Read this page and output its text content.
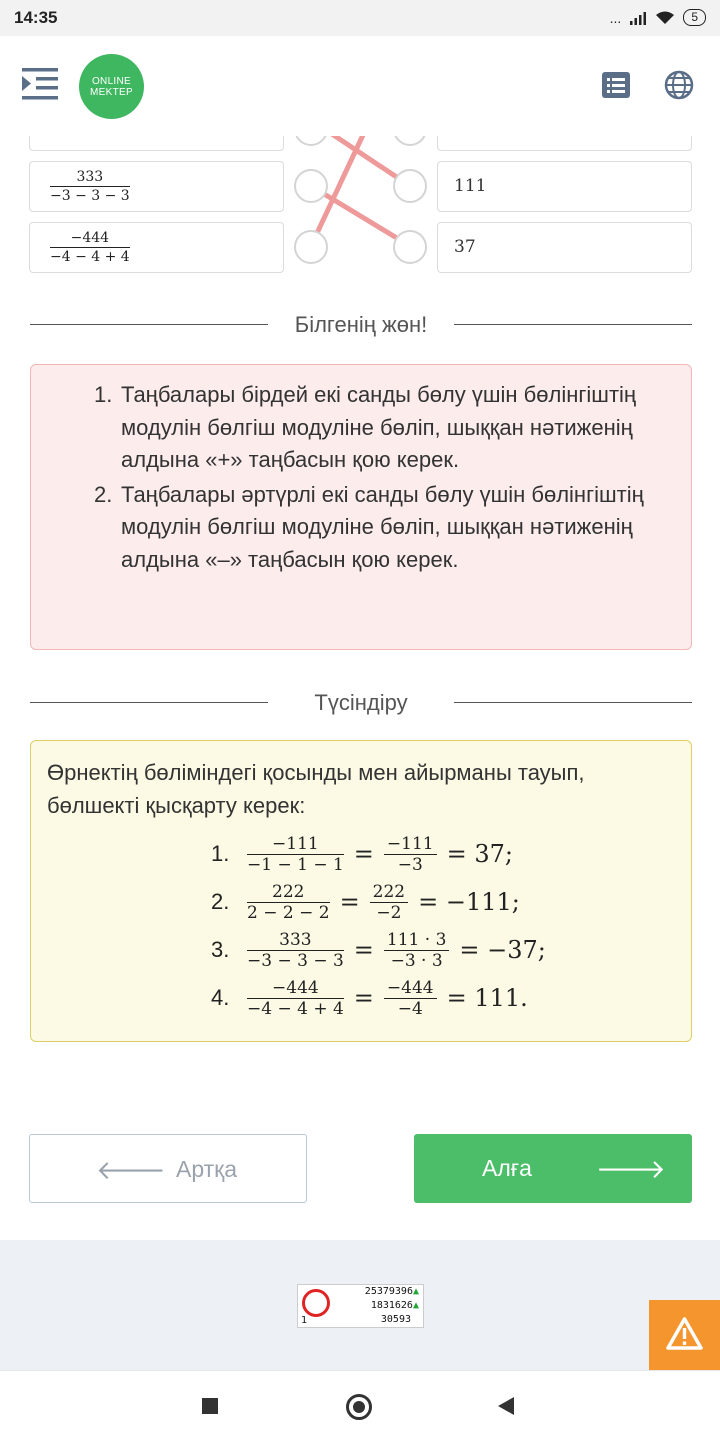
14:35	...	5
ONLINE
MEKTEP
$\frac{333}{-3 - 3 - 3}$
$\frac{-444}{-4 - 4 + 4}$
111
37
Білгенің жөн!
1. Таңбалары бірдей екі санды бөлу үшін бөлінгіштің модулін бөлгіш модуліне бөліп, шыққан нәтиженің алдына «+» таңбасын қою керек.
2. Таңбалары әртүрлі екі санды бөлу үшін бөлінгіштің модулін бөлгіш модуліне бөліп, шыққан нәтиженің алдына «–» таңбасын қою керек.
Түсіндіру
Өрнектің бөліміндегі қосынды мен айырманы тауып, бөлшекті қысқарту керек:
1.	$\frac{-111}{-1 - 1 - 1} = \frac{-111}{-3} = 37$;
2.	$\frac{222}{2 - 2 - 2} = \frac{222}{-2} = -111$;
3.	$\frac{333}{-3 - 3 - 3} = \frac{111 \cdot 3}{-3 \cdot 3} = -37$;
4.	$\frac{-444}{-4 - 4 + 4} = \frac{-444}{-4} = 111$.
🡐 Артқа	Алға 🡒
1
25379396▲
1831626▲
30593
